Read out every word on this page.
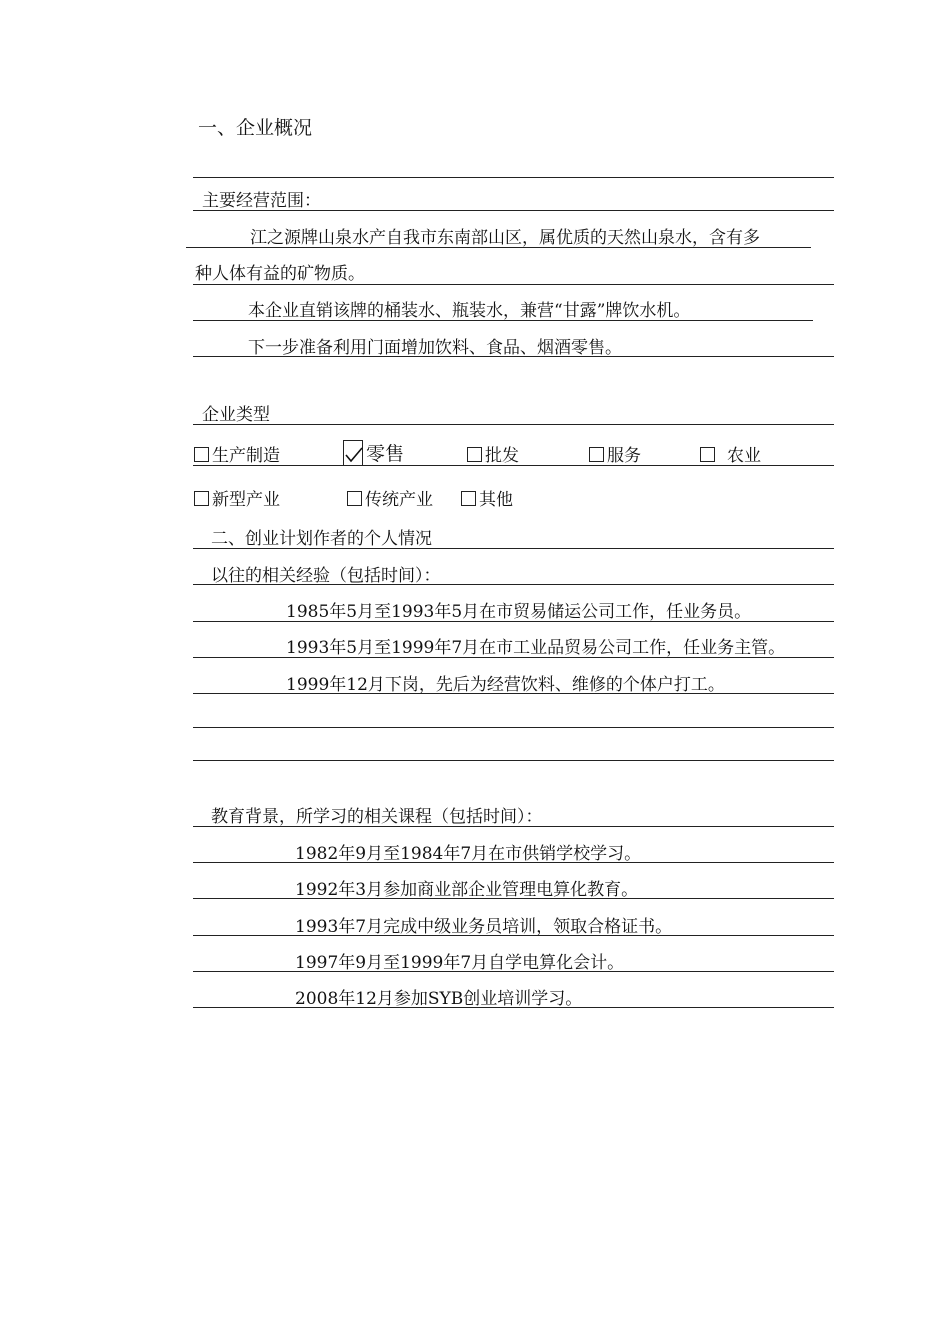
一、企业概况
主要经营范围：
江之源牌山泉水产自我市东南部山区，属优质的天然山泉水，含有多
种人体有益的矿物质。
本企业直销该牌的桶装水、瓶装水，兼营“甘露”牌饮水机。
下一步准备利用门面增加饮料、食品、烟酒零售。
企业类型
生产制造	零售	批发	服务	农业
新型产业	传统产业	其他
二、创业计划作者的个人情况
以往的相关经验（包括时间）：
1985年5月至1993年5月在市贸易储运公司工作，任业务员。
1993年5月至1999年7月在市工业品贸易公司工作，任业务主管。
1999年12月下岗，先后为经营饮料、维修的个体户打工。
教育背景，所学习的相关课程（包括时间）：
1982年9月至1984年7月在市供销学校学习。
1992年3月参加商业部企业管理电算化教育。
1993年7月完成中级业务员培训，领取合格证书。
1997年9月至1999年7月自学电算化会计。
2008年12月参加SYB创业培训学习。
